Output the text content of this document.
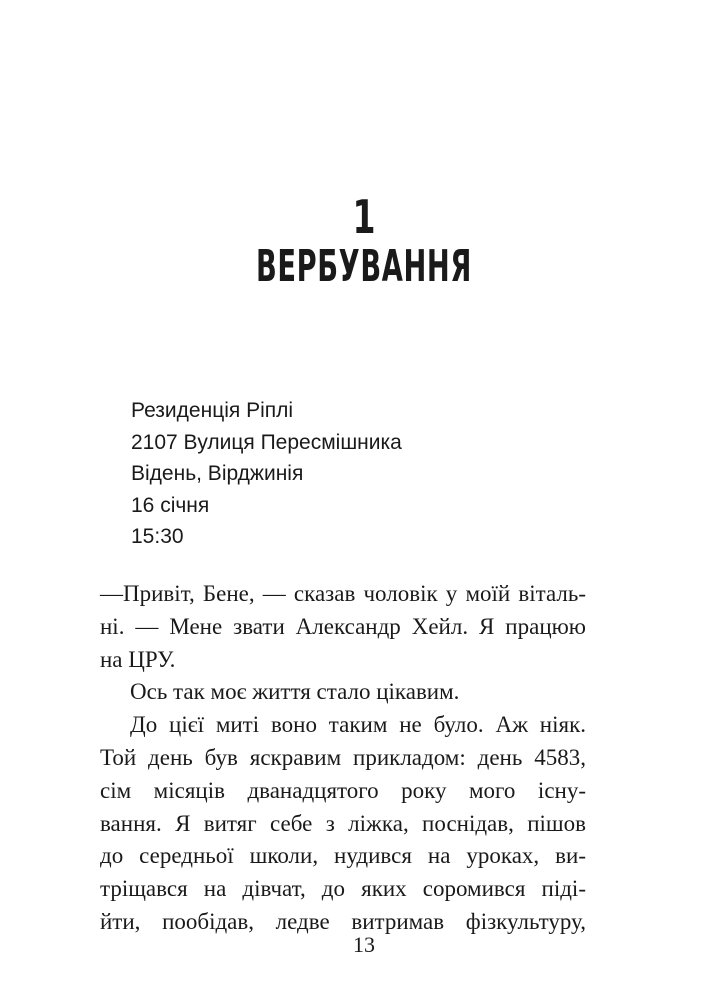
1
ВЕРБУВАННЯ
Резиденція Ріплі
2107 Вулиця Пересмішника
Відень, Вірджинія
16 січня
15:30
—Привіт, Бене, — сказав чоловік у моїй віталь-
ні. — Мене звати Александр Хейл. Я працюю
на ЦРУ.
Ось так моє життя стало цікавим.
До цієї миті воно таким не було. Аж ніяк.
Той день був яскравим прикладом: день 4583,
сім місяців дванадцятого року мого існу-
вання. Я витяг себе з ліжка, поснідав, пішов
до середньої школи, нудився на уроках, ви-
тріщався на дівчат, до яких соромився піді-
йти, пообідав, ледве витримав фізкультуру,
13
